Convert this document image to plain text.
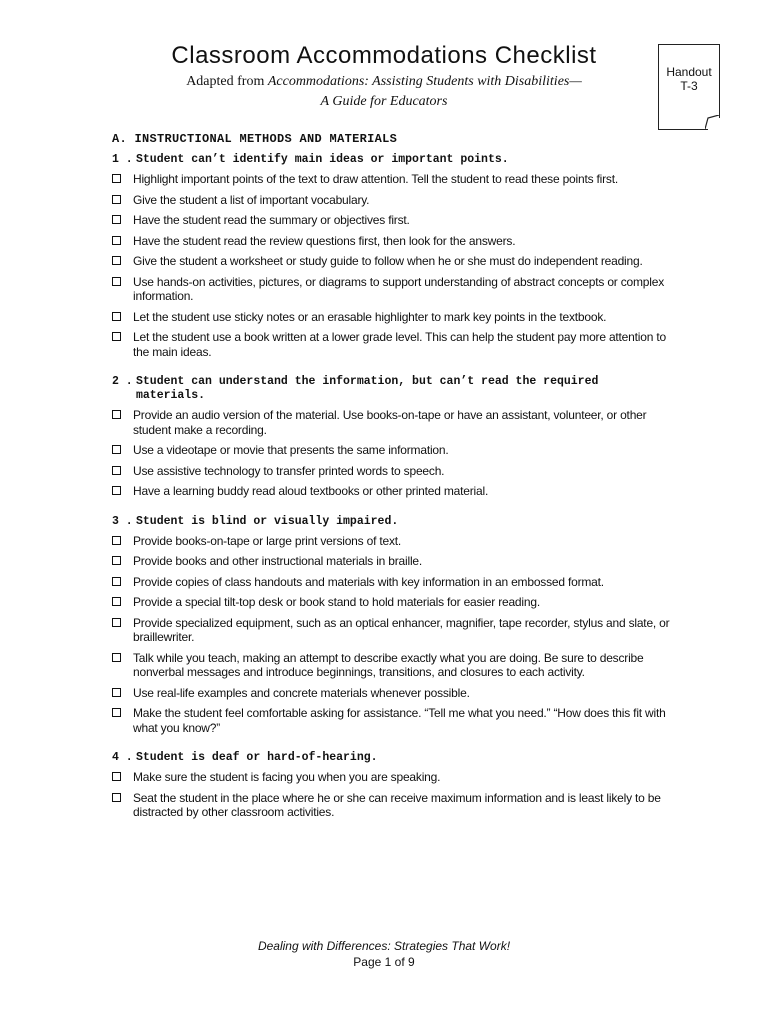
Classroom Accommodations Checklist
Adapted from Accommodations: Assisting Students with Disabilities—
A Guide for Educators
Handout
T-3
A. INSTRUCTIONAL METHODS AND MATERIALS
1 . Student can’t identify main ideas or important points.
Highlight important points of the text to draw attention. Tell the student to read these points first.
Give the student a list of important vocabulary.
Have the student read the summary or objectives first.
Have the student read the review questions first, then look for the answers.
Give the student a worksheet or study guide to follow when he or she must do independent reading.
Use hands-on activities, pictures, or diagrams to support understanding of abstract concepts or complex information.
Let the student use sticky notes or an erasable highlighter to mark key points in the textbook.
Let the student use a book written at a lower grade level. This can help the student pay more attention to the main ideas.
2 . Student can understand the information, but can’t read the required materials.
Provide an audio version of the material. Use books-on-tape or have an assistant, volunteer, or other student make a recording.
Use a videotape or movie that presents the same information.
Use assistive technology to transfer printed words to speech.
Have a learning buddy read aloud textbooks or other printed material.
3 . Student is blind or visually impaired.
Provide books-on-tape or large print versions of text.
Provide books and other instructional materials in braille.
Provide copies of class handouts and materials with key information in an embossed format.
Provide a special tilt-top desk or book stand to hold materials for easier reading.
Provide specialized equipment, such as an optical enhancer, magnifier, tape recorder, stylus and slate, or braillewriter.
Talk while you teach, making an attempt to describe exactly what you are doing. Be sure to describe nonverbal messages and introduce beginnings, transitions, and closures to each activity.
Use real-life examples and concrete materials whenever possible.
Make the student feel comfortable asking for assistance. “Tell me what you need.” “How does this fit with what you know?”
4 . Student is deaf or hard-of-hearing.
Make sure the student is facing you when you are speaking.
Seat the student in the place where he or she can receive maximum information and is least likely to be distracted by other classroom activities.
Dealing with Differences: Strategies That Work!
Page 1 of 9
